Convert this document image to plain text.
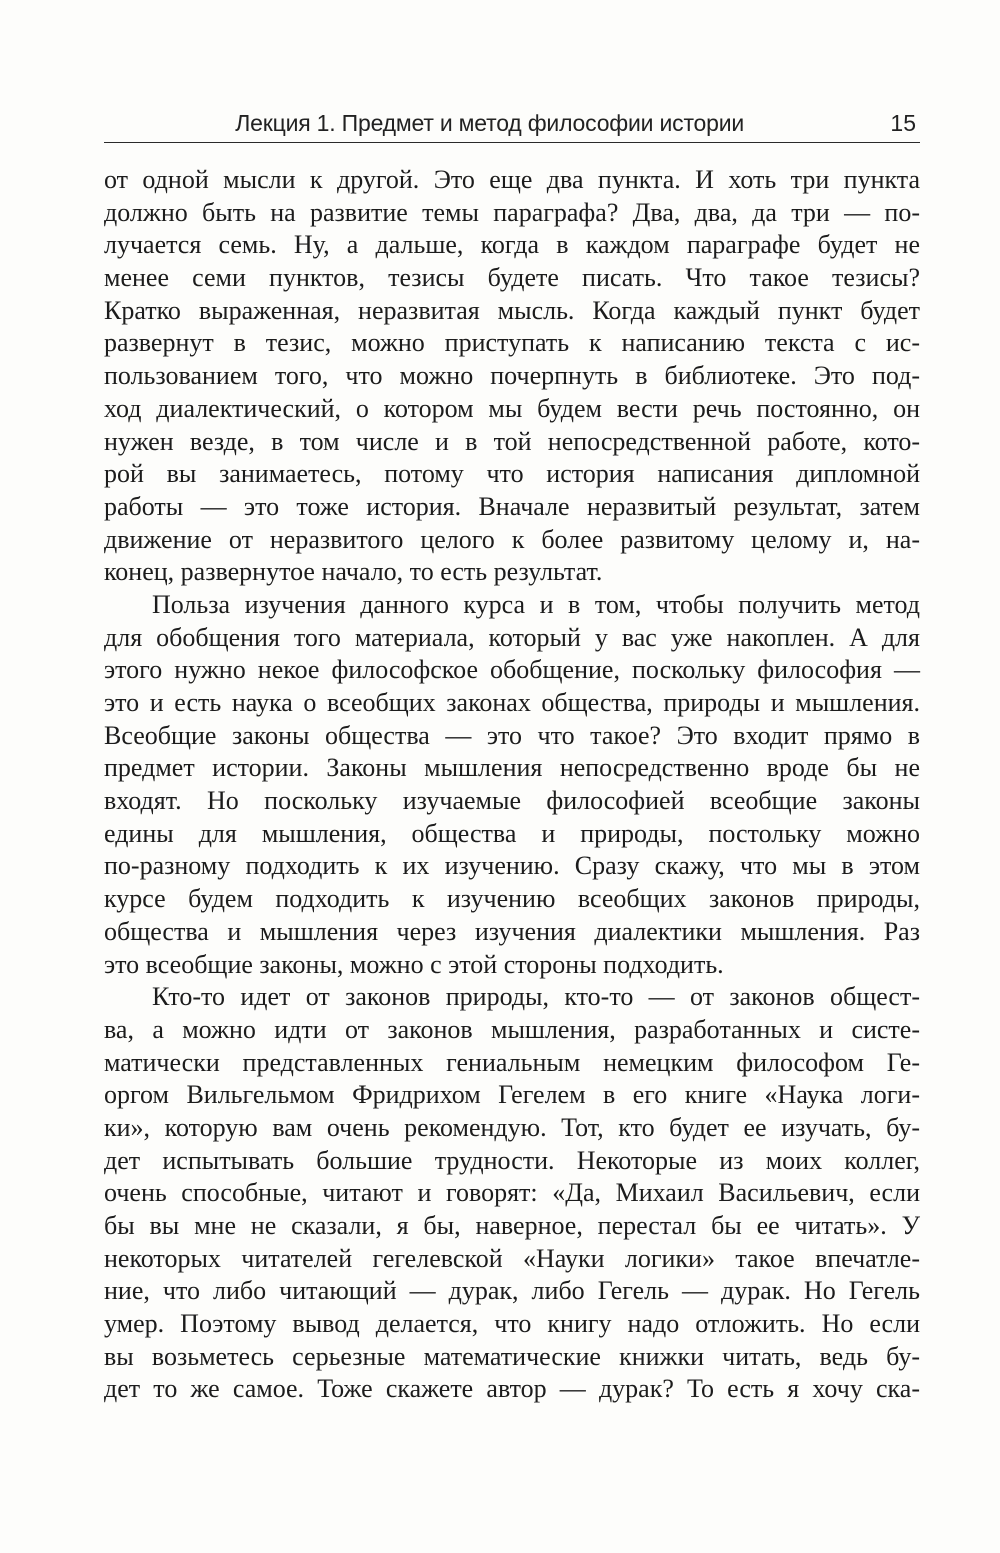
Лекция 1. Предмет и метод философии истории	15
от одной мысли к другой. Это еще два пункта. И хоть три пункта
должно быть на развитие темы параграфа? Два, два, да три — по-
лучается семь. Ну, а дальше, когда в каждом параграфе будет не
менее семи пунктов, тезисы будете писать. Что такое тезисы?
Кратко выраженная, неразвитая мысль. Когда каждый пункт будет
развернут в тезис, можно приступать к написанию текста с ис-
пользованием того, что можно почерпнуть в библиотеке. Это под-
ход диалектический, о котором мы будем вести речь постоянно, он
нужен везде, в том числе и в той непосредственной работе, кото-
рой вы занимаетесь, потому что история написания дипломной
работы — это тоже история. Вначале неразвитый результат, затем
движение от неразвитого целого к более развитому целому и, на-
конец, развернутое начало, то есть результат.
Польза изучения данного курса и в том, чтобы получить метод
для обобщения того материала, который у вас уже накоплен. А для
этого нужно некое философское обобщение, поскольку философия —
это и есть наука о всеобщих законах общества, природы и мышления.
Всеобщие законы общества — это что такое? Это входит прямо в
предмет истории. Законы мышления непосредственно вроде бы не
входят. Но поскольку изучаемые философией всеобщие законы
едины для мышления, общества и природы, постольку можно
по-разному подходить к их изучению. Сразу скажу, что мы в этом
курсе будем подходить к изучению всеобщих законов природы,
общества и мышления через изучения диалектики мышления. Раз
это всеобщие законы, можно с этой стороны подходить.
Кто-то идет от законов природы, кто-то — от законов общест-
ва, а можно идти от законов мышления, разработанных и систе-
матически представленных гениальным немецким философом Ге-
оргом Вильгельмом Фридрихом Гегелем в его книге «Наука логи-
ки», которую вам очень рекомендую. Тот, кто будет ее изучать, бу-
дет испытывать большие трудности. Некоторые из моих коллег,
очень способные, читают и говорят: «Да, Михаил Васильевич, если
бы вы мне не сказали, я бы, наверное, перестал бы ее читать». У
некоторых читателей гегелевской «Науки логики» такое впечатле-
ние, что либо читающий — дурак, либо Гегель — дурак. Но Гегель
умер. Поэтому вывод делается, что книгу надо отложить. Но если
вы возьметесь серьезные математические книжки читать, ведь бу-
дет то же самое. Тоже скажете автор — дурак? То есть я хочу ска-
